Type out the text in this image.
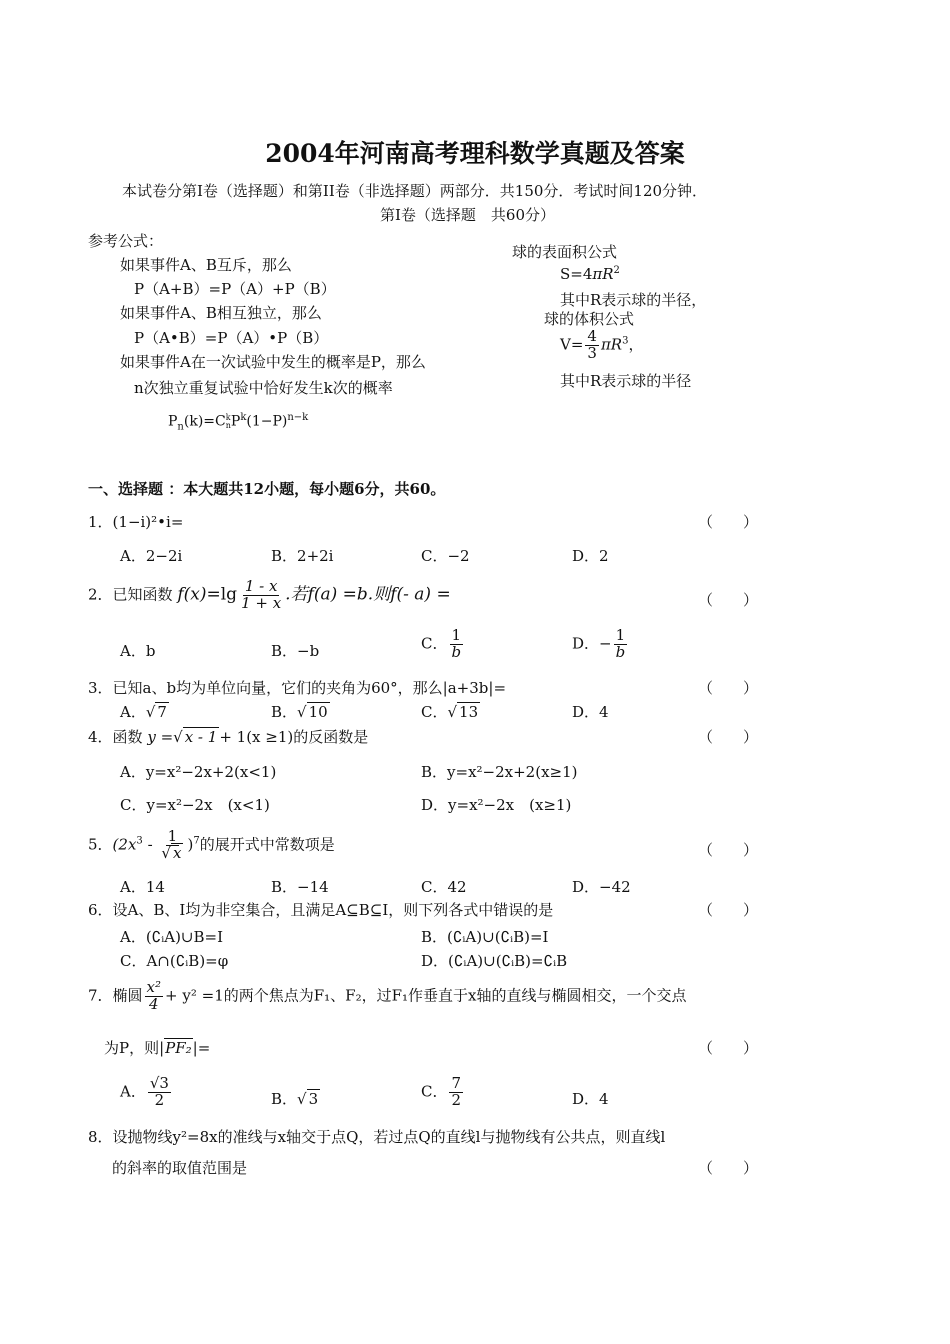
2004年河南高考理科数学真题及答案
本试卷分第I卷（选择题）和第II卷（非选择题）两部分．共150分．考试时间120分钟．
第I卷（选择题　共60分）
参考公式：
如果事件A、B互斥，那么
P（A+B）=P（A）+P（B）
如果事件A、B相互独立，那么
P（A•B）=P（A）•P（B）
如果事件A在一次试验中发生的概率是P，那么
n次独立重复试验中恰好发生k次的概率
$P_n(k)=C$ k
n $P^k(1-P)^{n-k}$
球的表面积公式
$S=4\pi R^2$
其中R表示球的半径，
球的体积公式
$V= \frac{4}{3} \pi R^3$，
其中R表示球的半径
一、选择题 ：本大题共12小题，每小题6分，共60。
1．(1−i)²•i=	（　　）
A．2−2i	B．2+2i	C．−2	D．2
2．已知函数 $f(x)=\lg \frac{1 - x}{1 + x}$ .若f(a) =b.则f(- a) =	（　　）
A．b	B．−b	C． $\frac{1}{b}$	D．− $\frac{1}{b}$
3．已知a、b均为单位向量，它们的夹角为60°，那么|a+3b|=	（　　）
A．√ 7	B．√ 10	C．√ 13	D．4
4．函数 y =√ x - 1 + 1(x ≥1)的反函数是	（　　）
A．y=x²−2x+2(x<1)	B．y=x²−2x+2(x≥1)
C．y=x²−2x　(x<1)	D．y=x²−2x　(x≥1)
5．$(2x^3 - \frac{1}{√ x} )^7$的展开式中常数项是	（　　）
A．14	B．−14	C．42	D．−42
6．设A、B、I均为非空集合，且满足A⊆B⊆I，则下列各式中错误的是	（　　）
A．(∁ᵢA)∪B=I	B．(∁ᵢA)∪(∁ᵢB)=I
C．A∩(∁ᵢB)=φ	D．(∁ᵢA)∪(∁ᵢB)=∁ᵢB
7．椭圆 $\frac{\text{x²}}{4} + y^2 =1$的两个焦点为F₁、F₂，过F₁作垂直于x轴的直线与椭圆相交，一个交点
为P，则|PF₂|=	（　　）
A． $\frac{√3}{2}$	B．√ 3	C． $\frac{7}{2}$	D．4
8．设抛物线y²=8x的准线与x轴交于点Q，若过点Q的直线l与抛物线有公共点，则直线l
的斜率的取值范围是	（　　）
